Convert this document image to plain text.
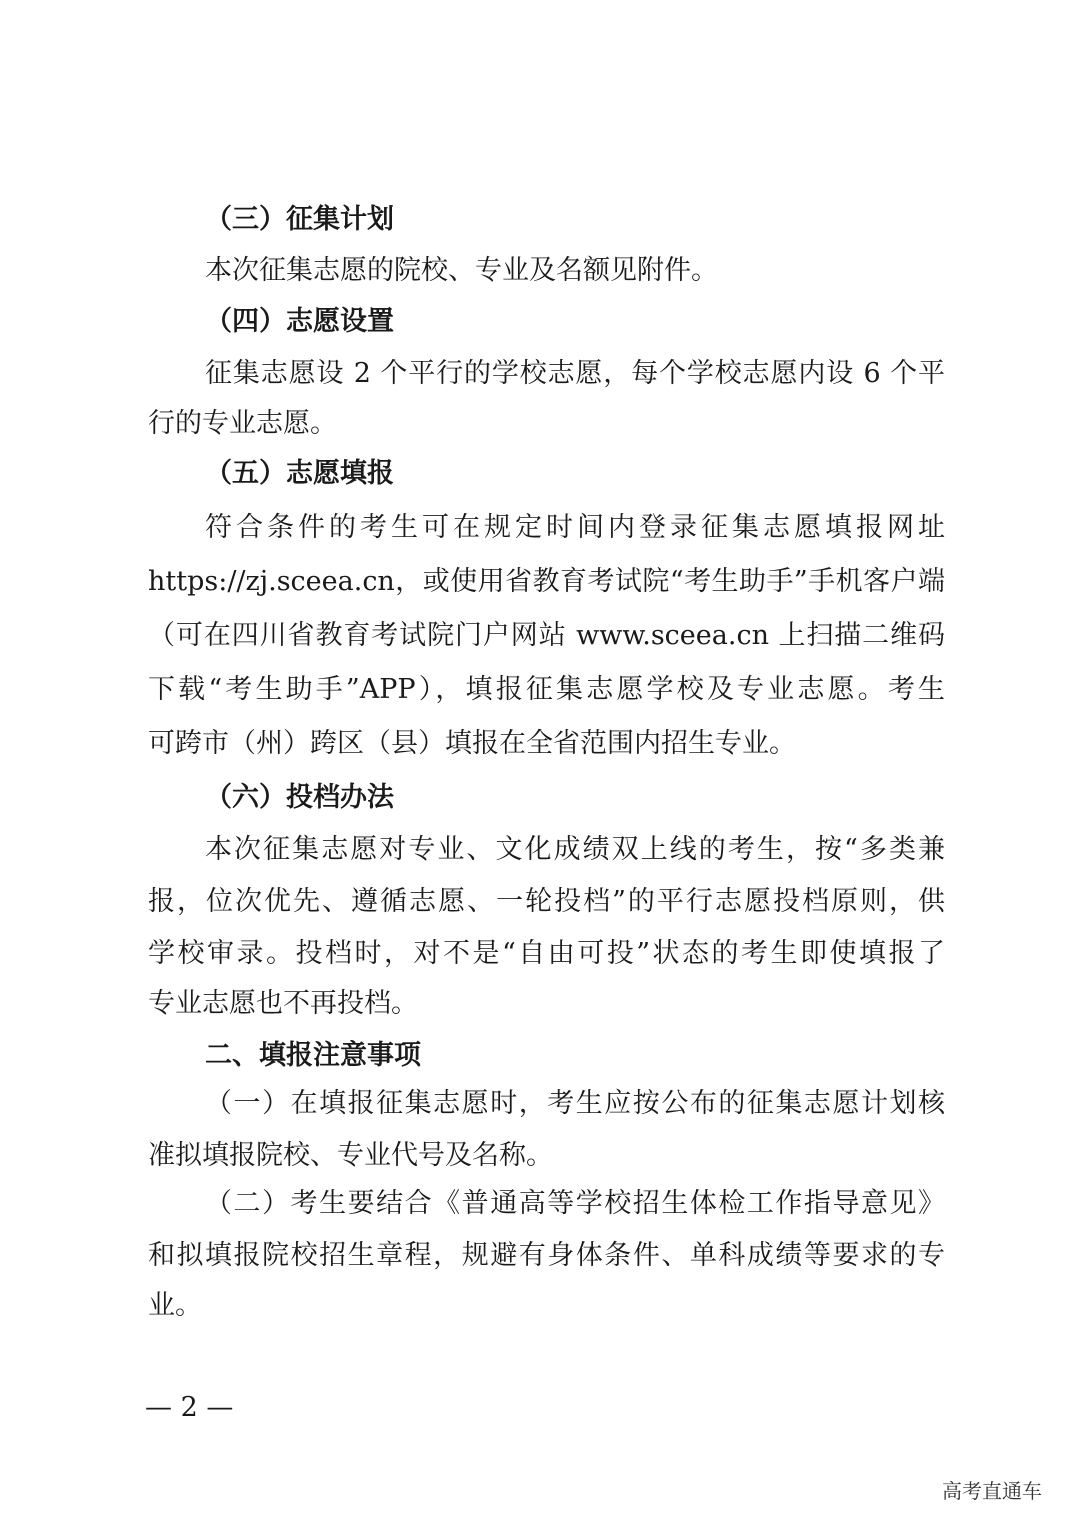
（三）征集计划
本次征集志愿的院校、专业及名额见附件。
（四）志愿设置
征集志愿设 2 个平行的学校志愿，每个学校志愿内设 6 个平
行的专业志愿。
（五）志愿填报
符合条件的考生可在规定时间内登录征集志愿填报网址
https://zj.sceea.cn，或使用省教育考试院“考生助手”手机客户端
（可在四川省教育考试院门户网站 www.sceea.cn 上扫描二维码
下载“考生助手”APP），填报征集志愿学校及专业志愿。考生
可跨市（州）跨区（县）填报在全省范围内招生专业。
（六）投档办法
本次征集志愿对专业、文化成绩双上线的考生，按“多类兼
报，位次优先、遵循志愿、一轮投档”的平行志愿投档原则，供
学校审录。投档时，对不是“自由可投”状态的考生即使填报了
专业志愿也不再投档。
二、填报注意事项
（一）在填报征集志愿时，考生应按公布的征集志愿计划核
准拟填报院校、专业代号及名称。
（二）考生要结合《普通高等学校招生体检工作指导意见》
和拟填报院校招生章程，规避有身体条件、单科成绩等要求的专
业。
— 2 —
高考直通车
